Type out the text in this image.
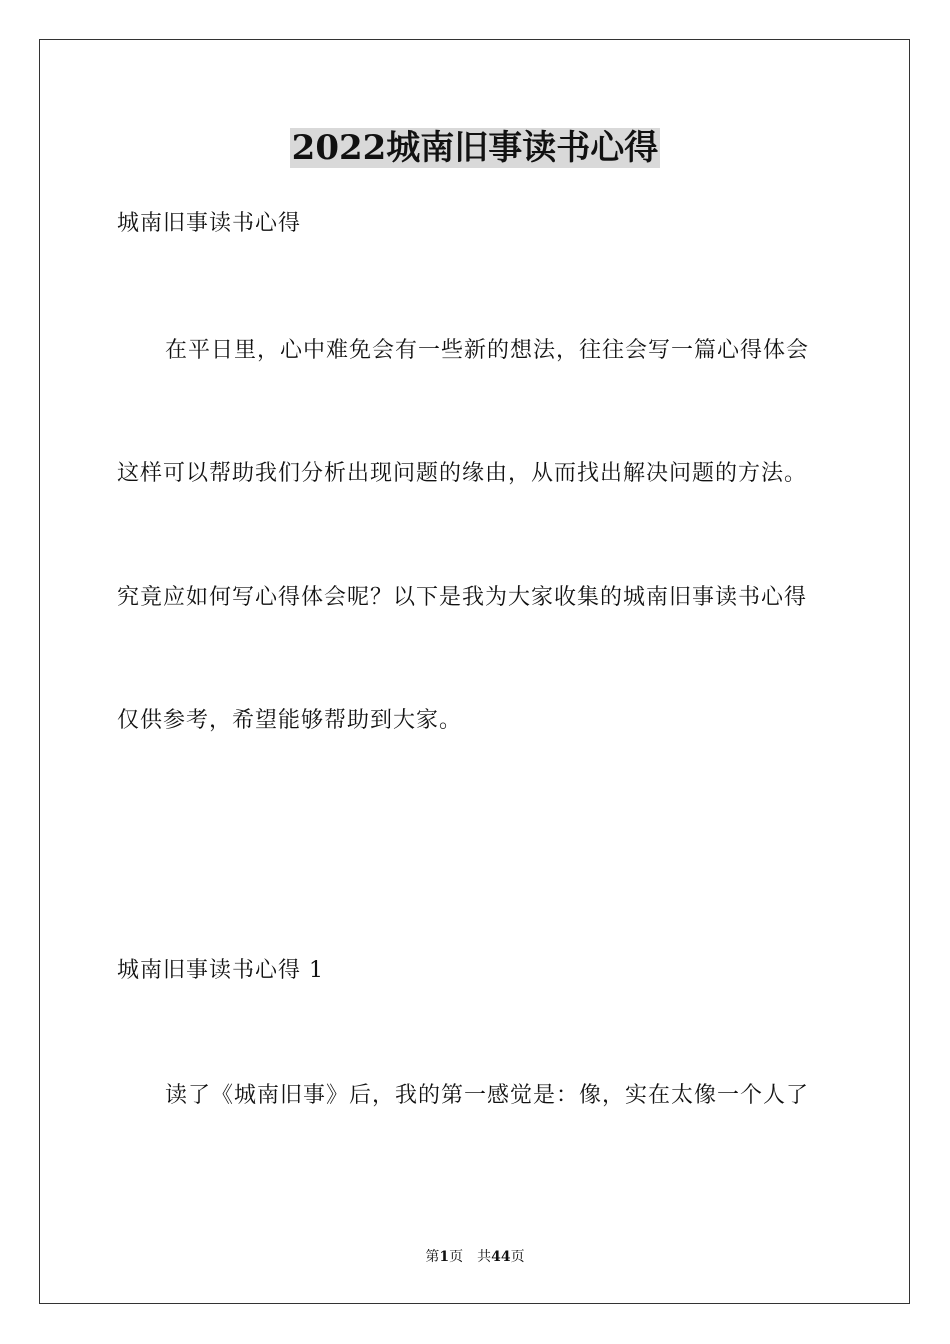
2022城南旧事读书心得
城南旧事读书心得
在平日里，心中难免会有一些新的想法，往往会写一篇心得体会
这样可以帮助我们分析出现问题的缘由，从而找出解决问题的方法。
究竟应如何写心得体会呢？以下是我为大家收集的城南旧事读书心得
仅供参考，希望能够帮助到大家。
城南旧事读书心得 1
读了《城南旧事》后，我的第一感觉是：像，实在太像一个人了
第1页 共44页
